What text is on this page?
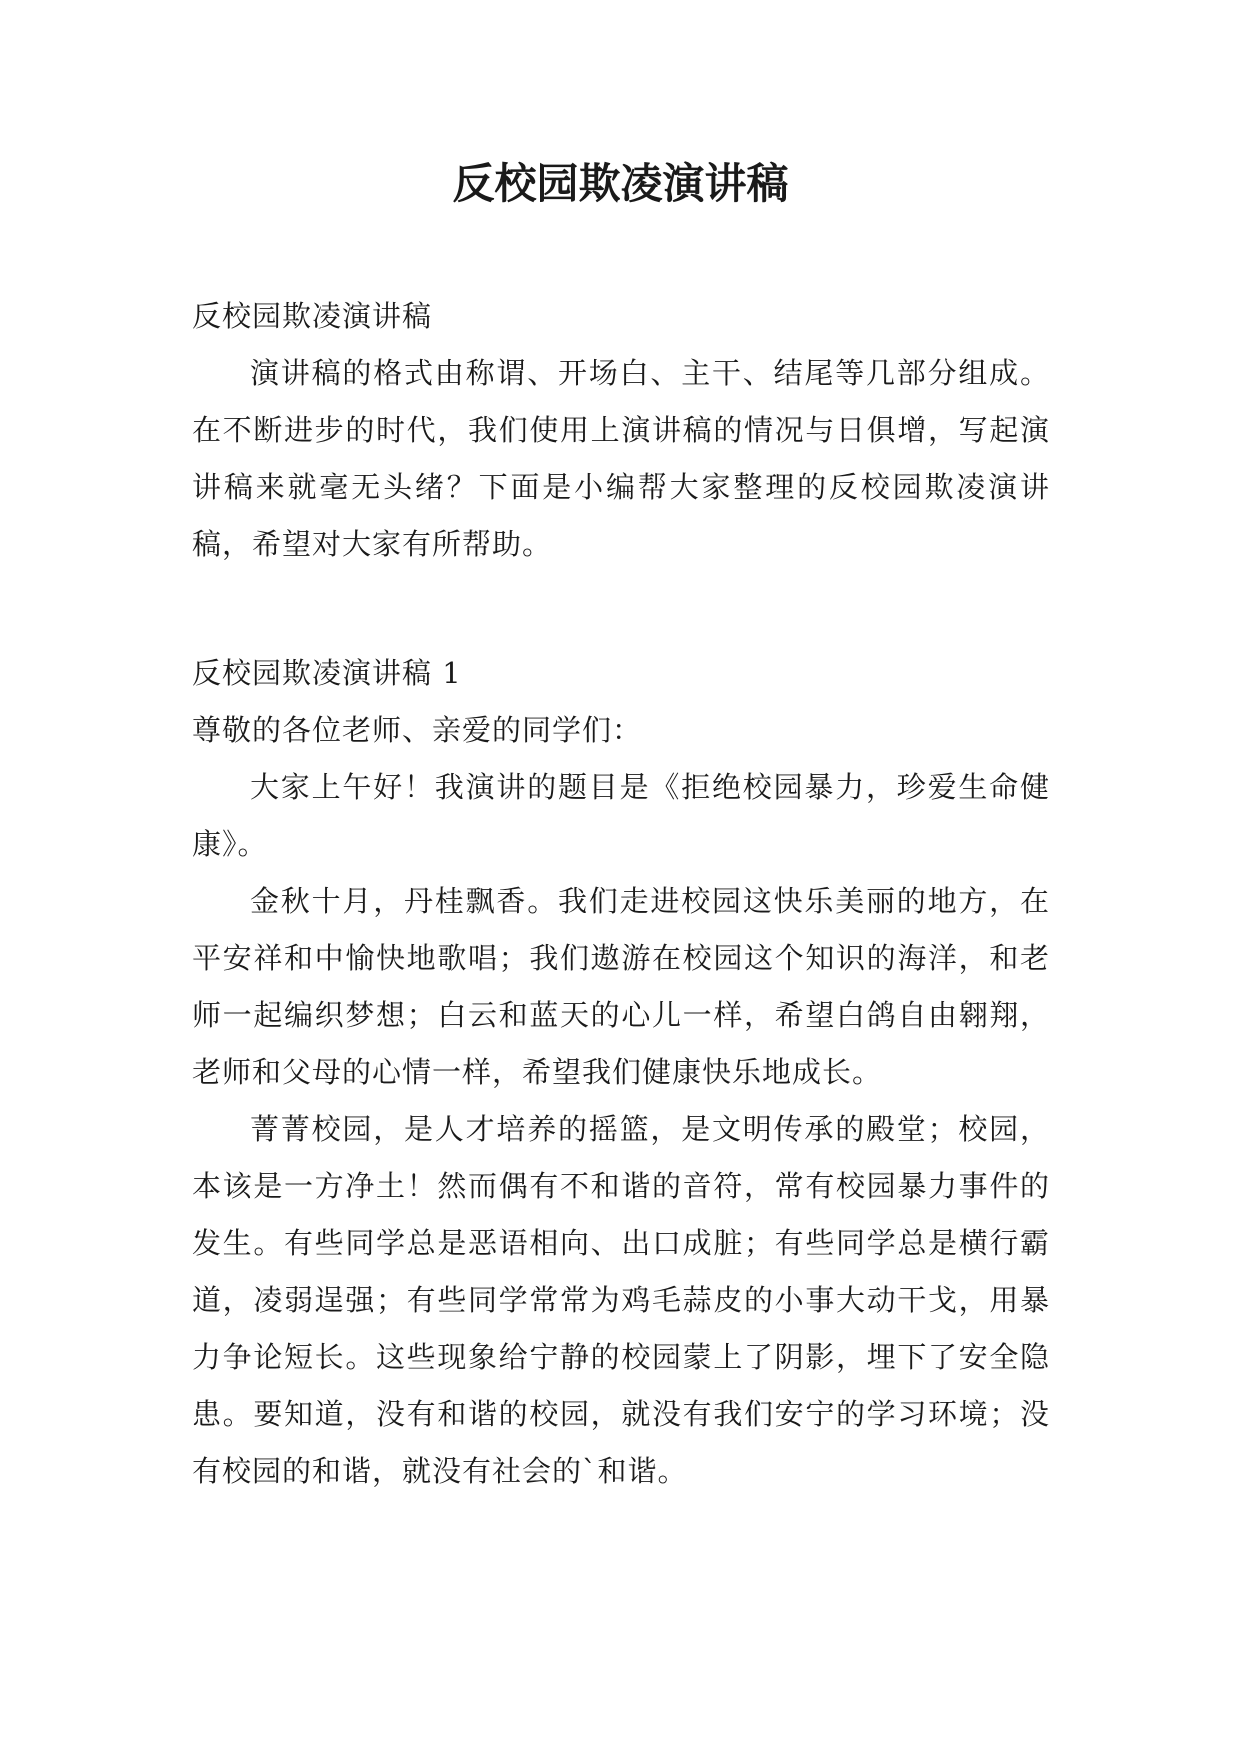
反校园欺凌演讲稿

反校园欺凌演讲稿

演讲稿的格式由称谓、开场白、主干、结尾等几部分组成。在不断进步的时代，我们使用上演讲稿的情况与日俱增，写起演讲稿来就毫无头绪？下面是小编帮大家整理的反校园欺凌演讲稿，希望对大家有所帮助。

反校园欺凌演讲稿 1

尊敬的各位老师、亲爱的同学们：

大家上午好！我演讲的题目是《拒绝校园暴力，珍爱生命健康》。

金秋十月，丹桂飘香。我们走进校园这快乐美丽的地方，在平安祥和中愉快地歌唱；我们遨游在校园这个知识的海洋，和老师一起编织梦想；白云和蓝天的心儿一样，希望白鸽自由翱翔，老师和父母的心情一样，希望我们健康快乐地成长。

菁菁校园，是人才培养的摇篮，是文明传承的殿堂；校园，本该是一方净土！然而偶有不和谐的音符，常有校园暴力事件的发生。有些同学总是恶语相向、出口成脏；有些同学总是横行霸道，凌弱逞强；有些同学常常为鸡毛蒜皮的小事大动干戈，用暴力争论短长。这些现象给宁静的校园蒙上了阴影，埋下了安全隐患。要知道，没有和谐的校园，就没有我们安宁的学习环境；没有校园的和谐，就没有社会的`和谐。
